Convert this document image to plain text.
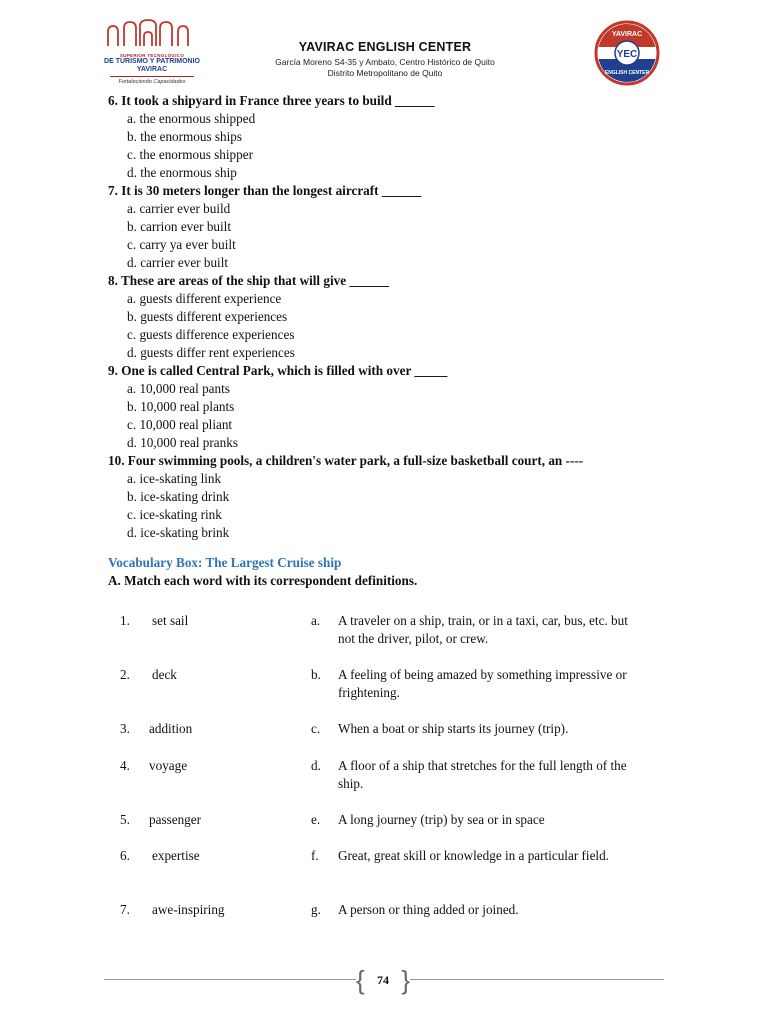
SUPERIOR TECNOLÓGICO
DE TURISMO Y PATRIMONIO
YAVIRAC
Fortaleciendo Capacidades
YAVIRAC ENGLISH CENTER
García Moreno S4-35 y Ambato, Centro Histórico de Quito
Distrito Metropolitano de Quito
YAVIRAC
YEC
ENGLISH CENTER
6. It took a shipyard in France three years to build ______
a. the enormous shipped
b. the enormous ships
c. the enormous shipper
d. the enormous ship
7. It is 30 meters longer than the longest aircraft ______
a. carrier ever build
b. carrion ever built
c. carry ya ever built
d. carrier ever built
8. These are areas of the ship that will give ______
a. guests different experience
b. guests different experiences
c. guests difference experiences
d. guests differ rent experiences
9. One is called Central Park, which is filled with over _____
a. 10,000 real pants
b. 10,000 real plants
c. 10,000 real pliant
d. 10,000 real pranks
10. Four swimming pools, a children's water park, a full-size basketball court, an ----
a. ice-skating link
b. ice-skating drink
c. ice-skating rink
d. ice-skating brink
Vocabulary Box: The Largest Cruise ship
A. Match each word with its correspondent definitions.
1. set sail	a. A traveler on a ship, train, or in a taxi, car, bus, etc. but not the driver, pilot, or crew.
2. deck	b. A feeling of being amazed by something impressive or frightening.
3. addition	c. When a boat or ship starts its journey (trip).
4. voyage	d. A floor of a ship that stretches for the full length of the ship.
5. passenger	e. A long journey (trip) by sea or in space
6. expertise	f. Great, great skill or knowledge in a particular field.
7. awe-inspiring	g. A person or thing added or joined.
{	74 }
